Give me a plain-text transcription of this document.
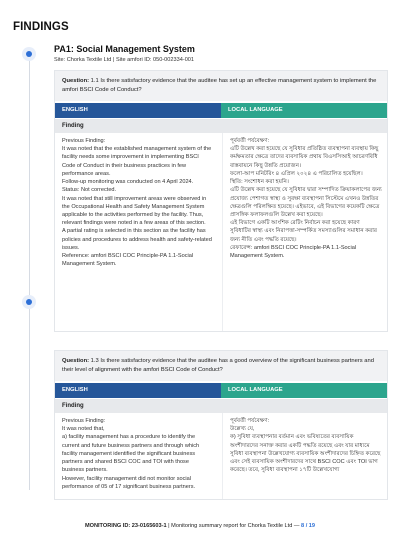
FINDINGS
PA1: Social Management System
Site: Chorka Textile Ltd | Site amfori ID: 050-002334-001
Question: 1.1 Is there satisfactory evidence that the auditee has set up an effective management system to implement the amfori BSCI Code of Conduct?
ENGLISH	LOCAL LANGUAGE
Finding
Previous Finding:
It was noted that the established management system of the facility needs some improvement in implementing BSCI Code of Conduct in their business practices in few performance areas.
Follow-up monitoring was conducted on 4 April 2024.
Status: Not corrected.
It was noted that still improvement areas were observed in the Occupational Health and Safety Management System applicable to the activities performed by the facility. Thus, relevant findings were noted in a few areas of this section.
A partial rating is selected in this section as the facility has policies and procedures to address health and safety-related issues.
Reference: amfori BSCI COC Principle-PA 1.1-Social Management System.
পূর্ববর্তী পর্যবেক্ষণ:
এটি উল্লেখ করা হয়েছে যে সুবিধার প্রতিষ্ঠিত ব্যবস্থাপনা ব্যবস্থায় কিছু কর্মক্ষমতার ক্ষেত্রে তাদের ব্যবসায়িক প্রথায় বিএসসিআই আচরণবিধি বাস্তবায়নে কিছু উন্নতি প্রয়োজন।
ফলো-আপ মনিটরিং ৪ এপ্রিল ২০২৪ এ পরিচালিত হয়েছিল।
স্থিতি: সংশোধন করা হয়নি।
এটি উল্লেখ করা হয়েছে যে সুবিধার দ্বারা সম্পাদিত ক্রিয়াকলাপের জন্য প্রযোজ্য পেশাগত স্বাস্থ্য ও সুরক্ষা ব্যবস্থাপনা সিস্টেমে এখনও উন্নতির ক্ষেত্রগুলি পরিলক্ষিত হয়েছে। এইভাবে, এই বিভাগের কয়েকটি ক্ষেত্রে প্রাসঙ্গিক ফলাফলগুলি উল্লেখ করা হয়েছে।
এই বিভাগে একটি আংশিক রেটিং নির্বাচন করা হয়েছে কারণ সুবিধাটির স্বাস্থ্য এবং নিরাপত্তা-সম্পর্কিত সমস্যাগুলির সমাধান করার জন্য নীতি এবং পদ্ধতি রয়েছে।
রেফারেন্স: amfori BSCI COC Principle-PA 1.1-Social Management System.
Question: 1.3 Is there satisfactory evidence that the auditee has a good overview of the significant business partners and their level of alignment with the amfori BSCI Code of Conduct?
ENGLISH	LOCAL LANGUAGE
Finding
Previous Finding:
It was noted that,
a) facility management has a procedure to identify the current and future business partners and through which facility management identified the significant business partners and shared BSCI COC and TOI with those business partners.
However, facility management did not monitor social performance of 05 of 17 significant business partners.
পূর্ববর্তী পর্যবেক্ষণ:
উল্লেখ্য যে,
ক) সুবিধা ব্যবস্থাপনার বর্তমান এবং ভবিষ্যতের ব্যবসায়িক অংশীদারদের সনাক্ত করার একটি পদ্ধতি রয়েছে এবং যার মাধ্যমে সুবিধা ব্যবস্থাপনা উল্লেখযোগ্য ব্যবসায়িক অংশীদারদের চিহ্নিত করেছে এবং সেই ব্যবসায়িক অংশীদারদের সাথে BSCI COC এবং TOI ভাগ করেছে। তবে, সুবিধা ব্যবস্থাপনা ১৭টি উল্লেখযোগ্য
MONITORING ID: 23-0165603-1 | Monitoring summary report for Chorka Textile Ltd — 8 / 19
